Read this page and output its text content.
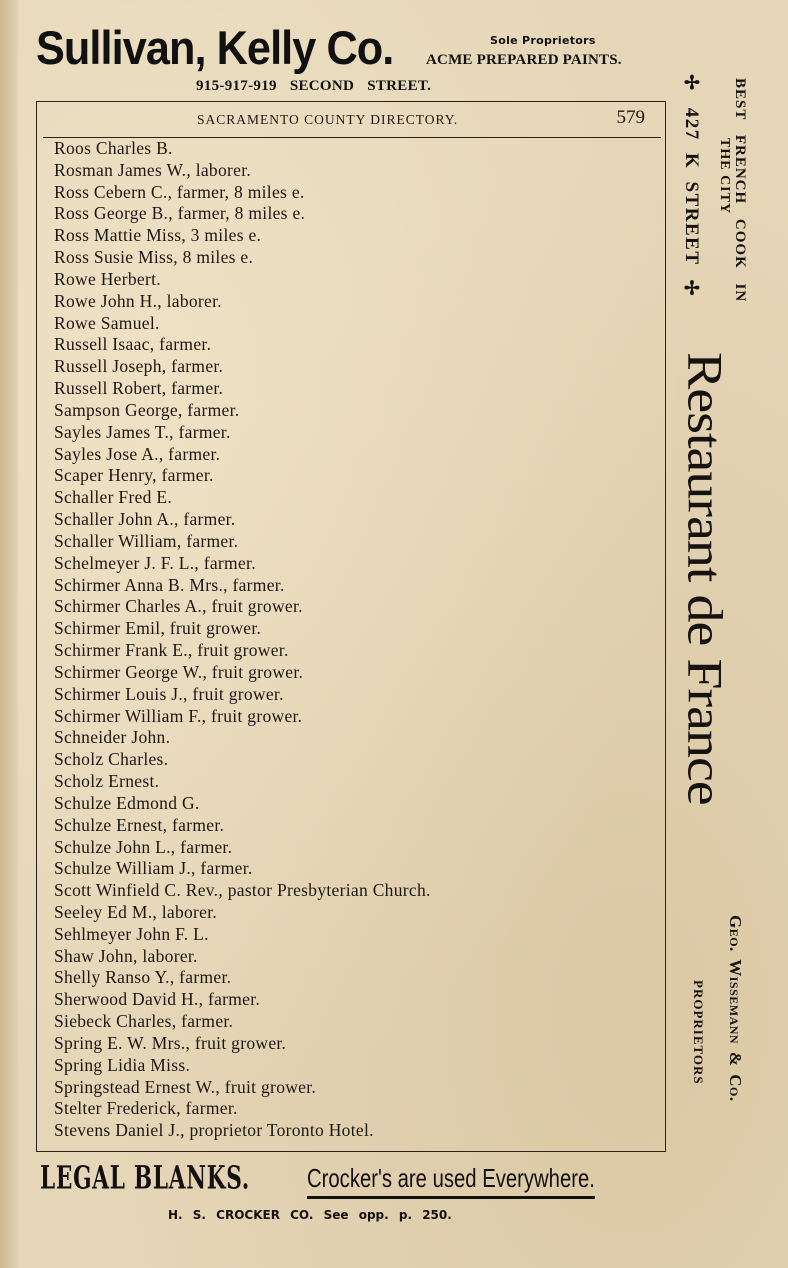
Sullivan, Kelly Co.	Sole Proprietors
ACME PREPARED PAINTS.
915-917-919 SECOND STREET.
SACRAMENTO COUNTY DIRECTORY.	579
Roos Charles B.
Rosman James W., laborer.
Ross Cebern C., farmer, 8 miles e.
Ross George B., farmer, 8 miles e.
Ross Mattie Miss, 3 miles e.
Ross Susie Miss, 8 miles e.
Rowe Herbert.
Rowe John H., laborer.
Rowe Samuel.
Russell Isaac, farmer.
Russell Joseph, farmer.
Russell Robert, farmer.
Sampson George, farmer.
Sayles James T., farmer.
Sayles Jose A., farmer.
Scaper Henry, farmer.
Schaller Fred E.
Schaller John A., farmer.
Schaller William, farmer.
Schelmeyer J. F. L., farmer.
Schirmer Anna B. Mrs., farmer.
Schirmer Charles A., fruit grower.
Schirmer Emil, fruit grower.
Schirmer Frank E., fruit grower.
Schirmer George W., fruit grower.
Schirmer Louis J., fruit grower.
Schirmer William F., fruit grower.
Schneider John.
Scholz Charles.
Scholz Ernest.
Schulze Edmond G.
Schulze Ernest, farmer.
Schulze John L., farmer.
Schulze William J., farmer.
Scott Winfield C. Rev., pastor Presbyterian Church.
Seeley Ed M., laborer.
Sehlmeyer John F. L.
Shaw John, laborer.
Shelly Ranso Y., farmer.
Sherwood David H., farmer.
Siebeck Charles, farmer.
Spring E. W. Mrs., fruit grower.
Spring Lidia Miss.
Springstead Ernest W., fruit grower.
Stelter Frederick, farmer.
Stevens Daniel J., proprietor Toronto Hotel.
BEST FRENCH COOK IN
THE CITY
✢ 427 K STREET ✢
Restaurant de France
Geo. Wissemann & Co.
PROPRIETORS
LEGAL BLANKS. Crocker's are used Everywhere.
H. S. CROCKER CO. See opp. p. 250.
